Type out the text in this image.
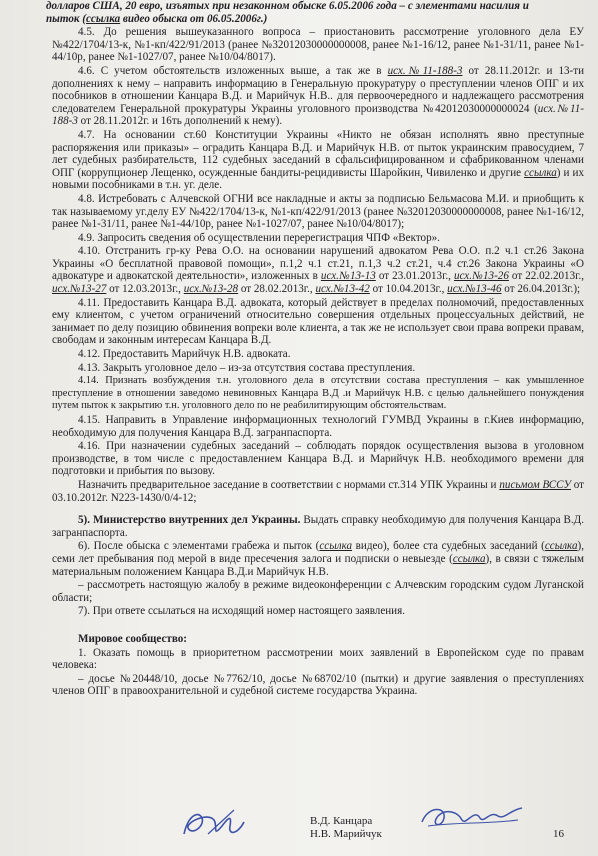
долларов США, 20 евро, изъятых при незаконном обыске 6.05.2006 года – с элементами насилия и
пыток (ссылка видео обыска от 06.05.2006г.)
4.5. До решения вышеуказанного вопроса – приостановить рассмотрение уголовного дела ЕУ №422/1704/13-к, №1-кп/422/91/2013 (ранее №32012030000000008, ранее №1-16/12, ранее №1-31/11, ранее №1-44/10р, ранее №1-1027/07, ранее №10/04/8017).
4.6. С учетом обстоятельств изложенных выше, а так же в исх.№11-188-3 от 28.11.2012г. и 13-ти дополнениях к нему – направить информацию в Генеральную прокуратуру о преступлении членов ОПГ и их пособников в отношении Канцара В.Д. и Марийчук Н.В.. для первоочередного и надлежащего рассмотрения следователем Генеральной прокуратуры Украины уголовного производства №42012030000000024 (исх.№11-188-3 от 28.11.2012г. и 16ть дополнений к нему).
4.7. На основании ст.60 Конституции Украины «Никто не обязан исполнять явно преступные распоряжения или приказы» – оградить Канцара В.Д. и Марийчук Н.В. от пыток украинским правосудием, 7 лет судебных разбирательств, 112 судебных заседаний в сфальсифицированном и сфабрикованном членами ОПГ (коррупционер Лещенко, осужденные бандиты-рецидивисты Шаройкин, Чивиленко и другие ссылка) и их новыми пособниками в т.н. уг. деле.
4.8. Истребовать с Алчевской ОГНИ все накладные и акты за подписью Бельмасова М.И. и приобщить к так называемому уг.делу ЕУ №422/1704/13-к, №1-кп/422/91/2013 (ранее №32012030000000008, ранее №1-16/12, ранее №1-31/11, ранее №1-44/10р, ранее №1-1027/07, ранее №10/04/8017);
4.9. Запросить сведения об осуществлении перерегистрация ЧПФ «Вектор».
4.10. Отстранить гр-ку Рева О.О. на основании нарушений адвокатом Рева О.О. п.2 ч.1 ст.26 Закона Украины «О бесплатной правовой помощи», п.1,2 ч.1 ст.21, п.1,3 ч.2 ст.21, ч.4 ст.26 Закона Украины «О адвокатуре и адвокатской деятельности», изложенных в исх.№13-13 от 23.01.2013г., исх.№13-26 от 22.02.2013г., исх.№13-27 от 12.03.2013г., исх.№13-28 от 28.02.2013г., исх.№13-42 от 10.04.2013г., исх.№13-46 от 26.04.2013г.);
4.11. Предоставить Канцара В.Д. адвоката, который действует в пределах полномочий, предоставленных ему клиентом, с учетом ограничений относительно совершения отдельных процессуальных действий, не занимает по делу позицию обвинения вопреки воле клиента, а так же не использует свои права вопреки правам, свободам и законным интересам Канцара В.Д.
4.12. Предоставить Марийчук Н.В. адвоката.
4.13. Закрыть уголовное дело – из-за отсутствия состава преступления.
4.14. Признать возбуждения т.н. уголовного дела в отсутствии состава преступления – как умышленное преступление в отношении заведомо невиновных Канцара В.Д .и Марийчук Н.В. с целью дальнейшего понуждения путем пыток к закрытию т.н. уголовного дело по не реабилитирующим обстоятельствам.
4.15. Направить в Управление информационных технологий ГУМВД Украины в г.Киев информацию, необходимую для получения Канцара В.Д. загранпаспорта.
4.16. При назначении судебных заседаний – соблюдать порядок осуществления вызова в уголовном производстве, в том числе с предоставлением Канцара В.Д. и Марийчук Н.В. необходимого времени для подготовки и прибытия по вызову.
Назначить предварительное заседание в соответствии с нормами ст.314 УПК Украины и письмом ВССУ от 03.10.2012г. N223-1430/0/4-12;
5). Министерство внутренних дел Украины. Выдать справку необходимую для получения Канцара В.Д. загранпаспорта.
6). После обыска с элементами грабежа и пыток (ссылка видео), более ста судебных заседаний (ссылка), семи лет пребывания под мерой в виде пресечения залога и подписки о невыезде (ссылка), в связи с тяжелым материальным положением Канцара В.Д.и Марийчук Н.В.
– рассмотреть настоящую жалобу в режиме видеоконференции с Алчевским городским судом Луганской области;
7). При ответе ссылаться на исходящий номер настоящего заявления.
Мировое сообщество:
1. Оказать помощь в приоритетном рассмотрении моих заявлений в Европейском суде по правам человека:
– досье №20448/10, досье №7762/10, досье №68702/10 (пытки) и другие заявления о преступлениях членов ОПГ в правоохранительной и судебной системе государства Украина.
В.Д. Канцара
Н.В. Марийчук	16
